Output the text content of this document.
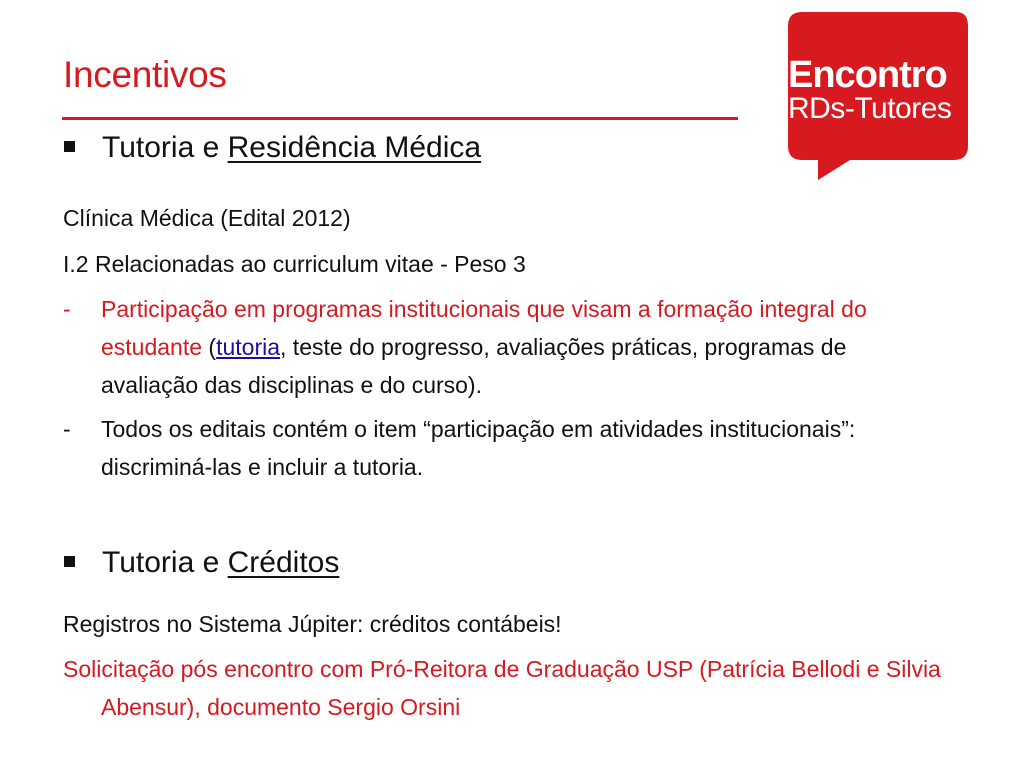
Incentivos	Encontro
RDs-Tutores
Tutoria e Residência Médica
Clínica Médica (Edital 2012)
I.2 Relacionadas ao curriculum vitae - Peso 3
- Participação em programas institucionais que visam a formação integral do estudante (tutoria, teste do progresso, avaliações práticas, programas de avaliação das disciplinas e do curso).
- Todos os editais contém o item “participação em atividades institucionais”: discriminá-las e incluir a tutoria.
Tutoria e Créditos
Registros no Sistema Júpiter: créditos contábeis!
Solicitação pós encontro com Pró-Reitora de Graduação USP (Patrícia Bellodi e Silvia Abensur), documento Sergio Orsini
